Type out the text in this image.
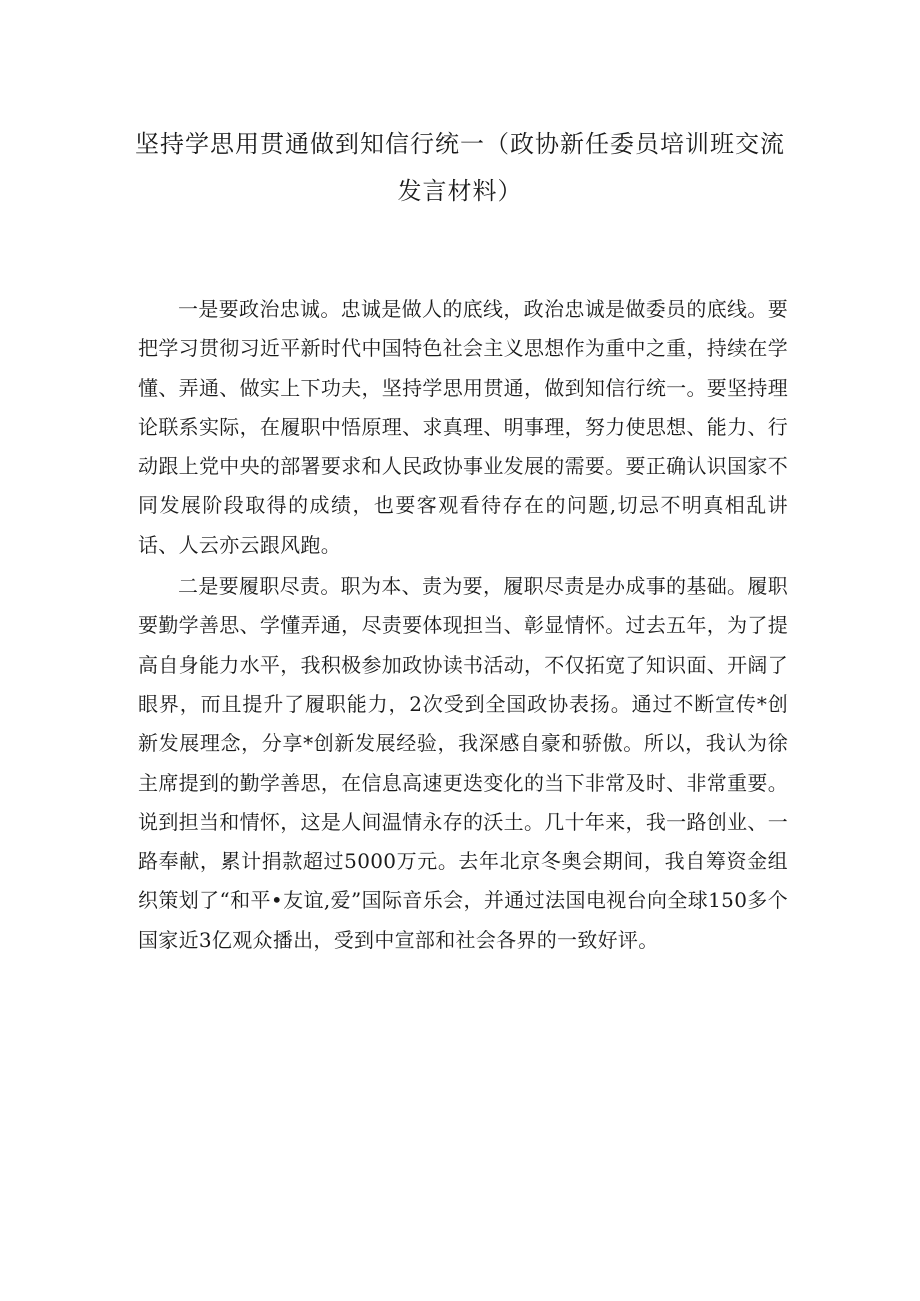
坚持学思用贯通做到知信行统一（政协新任委员培训班交流
发言材料）

一是要政治忠诚。忠诚是做人的底线，政治忠诚是做委员的底线。要把学习贯彻习近平新时代中国特色社会主义思想作为重中之重，持续在学懂、弄通、做实上下功夫，坚持学思用贯通，做到知信行统一。要坚持理论联系实际，在履职中悟原理、求真理、明事理，努力使思想、能力、行动跟上党中央的部署要求和人民政协事业发展的需要。要正确认识国家不同发展阶段取得的成绩，也要客观看待存在的问题,切忌不明真相乱讲话、人云亦云跟风跑。

二是要履职尽责。职为本、责为要，履职尽责是办成事的基础。履职要勤学善思、学懂弄通，尽责要体现担当、彰显情怀。过去五年，为了提高自身能力水平，我积极参加政协读书活动，不仅拓宽了知识面、开阔了眼界，而且提升了履职能力，2次受到全国政协表扬。通过不断宣传*创新发展理念，分享*创新发展经验，我深感自豪和骄傲。所以，我认为徐主席提到的勤学善思，在信息高速更迭变化的当下非常及时、非常重要。说到担当和情怀，这是人间温情永存的沃土。几十年来，我一路创业、一路奉献，累计捐款超过5000万元。去年北京冬奥会期间，我自筹资金组织策划了“和平•友谊,爱”国际音乐会，并通过法国电视台向全球150多个国家近3亿观众播出，受到中宣部和社会各界的一致好评。
